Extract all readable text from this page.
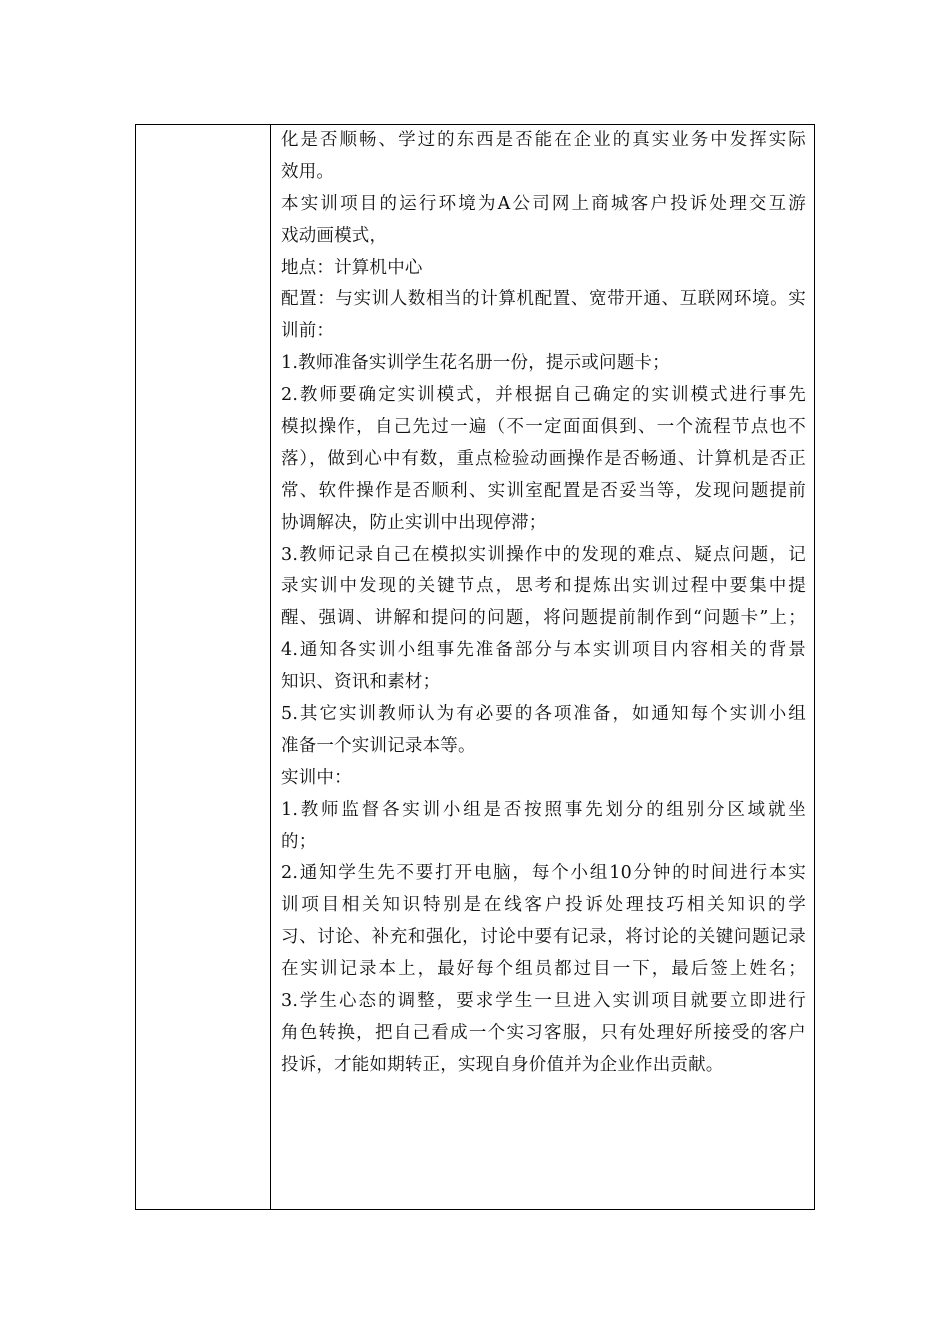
化是否顺畅、学过的东西是否能在企业的真实业务中发挥实际
效用。
本实训项目的运行环境为A公司网上商城客户投诉处理交互游
戏动画模式，
地点：计算机中心
配置：与实训人数相当的计算机配置、宽带开通、互联网环境。实
训前：
1.教师准备实训学生花名册一份，提示或问题卡；
2.教师要确定实训模式，并根据自己确定的实训模式进行事先
模拟操作，自己先过一遍（不一定面面俱到、一个流程节点也不
落），做到心中有数，重点检验动画操作是否畅通、计算机是否正
常、软件操作是否顺利、实训室配置是否妥当等，发现问题提前
协调解决，防止实训中出现停滞；
3.教师记录自己在模拟实训操作中的发现的难点、疑点问题，记
录实训中发现的关键节点，思考和提炼出实训过程中要集中提
醒、强调、讲解和提问的问题，将问题提前制作到“问题卡”上；
4.通知各实训小组事先准备部分与本实训项目内容相关的背景
知识、资讯和素材；
5.其它实训教师认为有必要的各项准备，如通知每个实训小组
准备一个实训记录本等。
实训中：
1.教师监督各实训小组是否按照事先划分的组别分区域就坐
的；
2.通知学生先不要打开电脑，每个小组10分钟的时间进行本实
训项目相关知识特别是在线客户投诉处理技巧相关知识的学
习、讨论、补充和强化，讨论中要有记录，将讨论的关键问题记录
在实训记录本上，最好每个组员都过目一下，最后签上姓名；
3.学生心态的调整，要求学生一旦进入实训项目就要立即进行
角色转换，把自己看成一个实习客服，只有处理好所接受的客户
投诉，才能如期转正，实现自身价值并为企业作出贡献。
